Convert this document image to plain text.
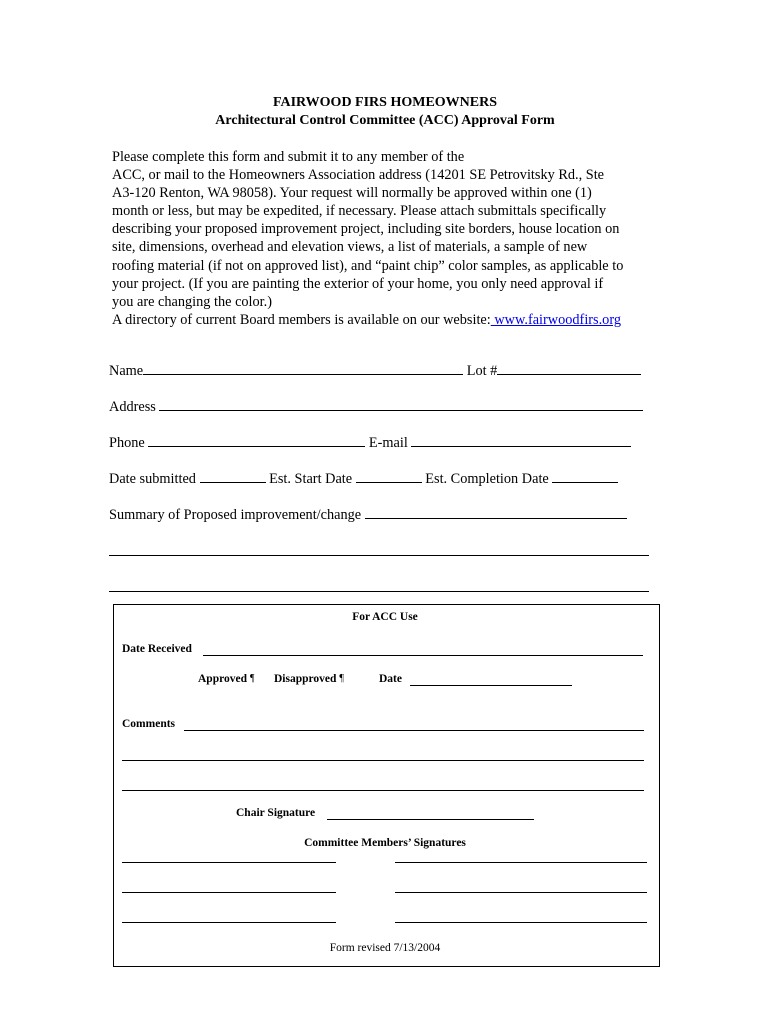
FAIRWOOD FIRS HOMEOWNERS
Architectural Control Committee (ACC) Approval Form

Please complete this form and submit it to any member of the

ACC, or mail to the Homeowners Association address (14201 SE Petrovitsky Rd., Ste

A3-120 Renton, WA 98058). Your request will normally be approved within one (1)

month or less, but may be expedited, if necessary. Please attach submittals specifically

describing your proposed improvement project, including site borders, house location on

site, dimensions, overhead and elevation views, a list of materials, a sample of new

roofing material (if not on approved list), and “paint chip” color samples, as applicable to

your project. (If you are painting the exterior of your home, you only need approval if

you are changing the color.)

A directory of current Board members is available on our website: www.fairwoodfirs.org

Name	Lot #
Address
Phone	E-mail
Date submitted	Est. Start Date	Est. Completion Date
Summary of Proposed improvement/change
For ACC Use
Date Received
Approved ¶ Disapproved ¶	Date
Comments
Chair Signature
Committee Members’ Signatures
Form revised 7/13/2004
